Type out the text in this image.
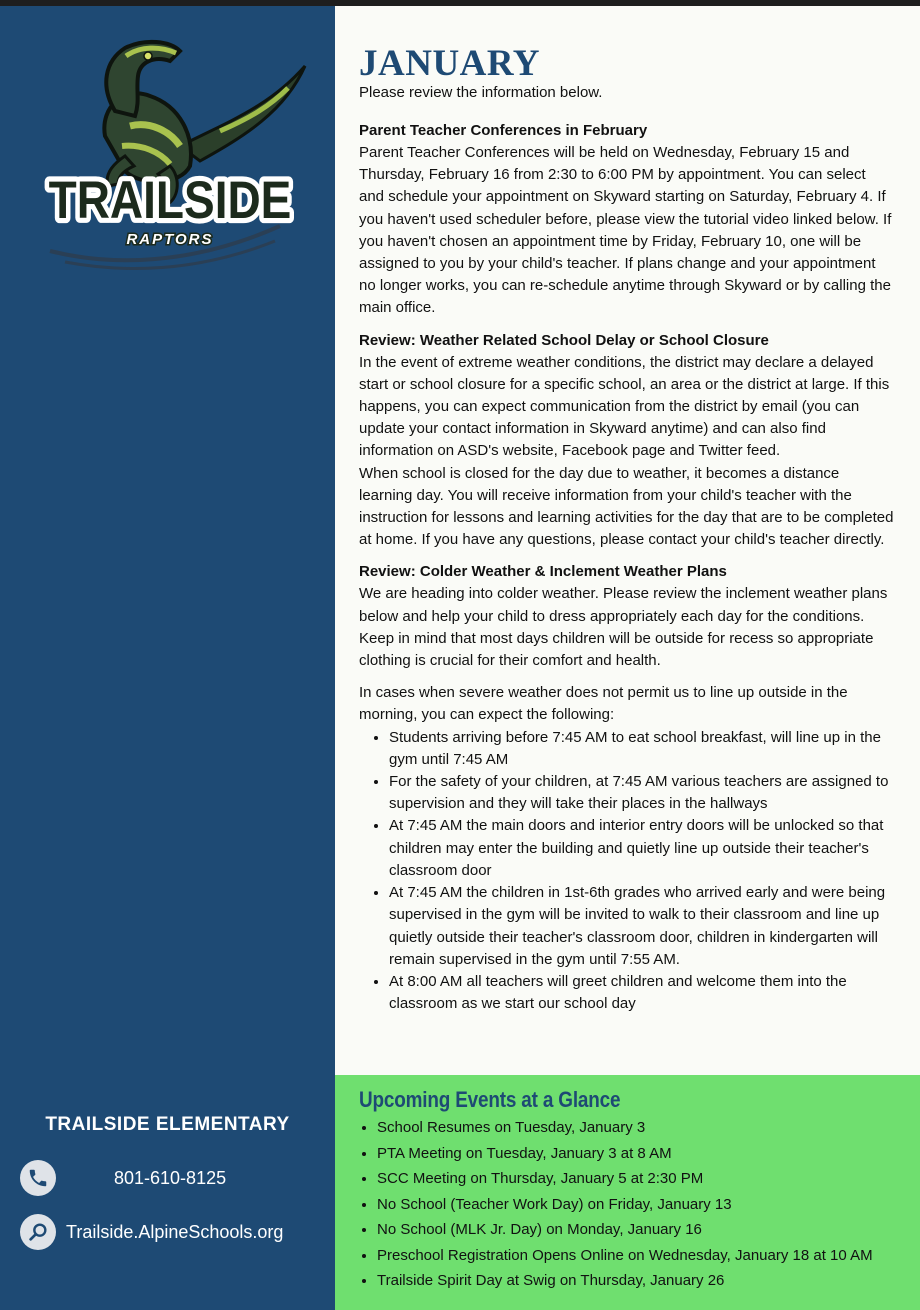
TRAILSIDE
RAPTORS
TRAILSIDE ELEMENTARY
801-610-8125
Trailside.AlpineSchools.org
JANUARY

Please review the information below.

Parent Teacher Conferences in February

Parent Teacher Conferences will be held on Wednesday, February 15 and Thursday, February 16 from 2:30 to 6:00 PM by appointment. You can select and schedule your appointment on Skyward starting on Saturday, February 4. If you haven't used scheduler before, please view the tutorial video linked below. If you haven't chosen an appointment time by Friday, February 10, one will be assigned to you by your child's teacher. If plans change and your appointment no longer works, you can re-schedule anytime through Skyward or by calling the main office.

Review: Weather Related School Delay or School Closure

In the event of extreme weather conditions, the district may declare a delayed start or school closure for a specific school, an area or the district at large. If this happens, you can expect communication from the district by email (you can update your contact information in Skyward anytime) and can also find information on ASD's website, Facebook page and Twitter feed.

When school is closed for the day due to weather, it becomes a distance learning day. You will receive information from your child's teacher with the instruction for lessons and learning activities for the day that are to be completed at home. If you have any questions, please contact your child's teacher directly.

Review: Colder Weather & Inclement Weather Plans

We are heading into colder weather. Please review the inclement weather plans below and help your child to dress appropriately each day for the conditions. Keep in mind that most days children will be outside for recess so appropriate clothing is crucial for their comfort and health.

In cases when severe weather does not permit us to line up outside in the morning, you can expect the following:

• Students arriving before 7:45 AM to eat school breakfast, will line up in the gym until 7:45 AM
• For the safety of your children, at 7:45 AM various teachers are assigned to supervision and they will take their places in the hallways
• At 7:45 AM the main doors and interior entry doors will be unlocked so that children may enter the building and quietly line up outside their teacher's classroom door
• At 7:45 AM the children in 1st-6th grades who arrived early and were being supervised in the gym will be invited to walk to their classroom and line up quietly outside their teacher's classroom door, children in kindergarten will remain supervised in the gym until 7:55 AM.
• At 8:00 AM all teachers will greet children and welcome them into the classroom as we start our school day
Upcoming Events at a Glance
• School Resumes on Tuesday, January 3
• PTA Meeting on Tuesday, January 3 at 8 AM
• SCC Meeting on Thursday, January 5 at 2:30 PM
• No School (Teacher Work Day) on Friday, January 13
• No School (MLK Jr. Day) on Monday, January 16
• Preschool Registration Opens Online on Wednesday, January 18 at 10 AM
• Trailside Spirit Day at Swig on Thursday, January 26
